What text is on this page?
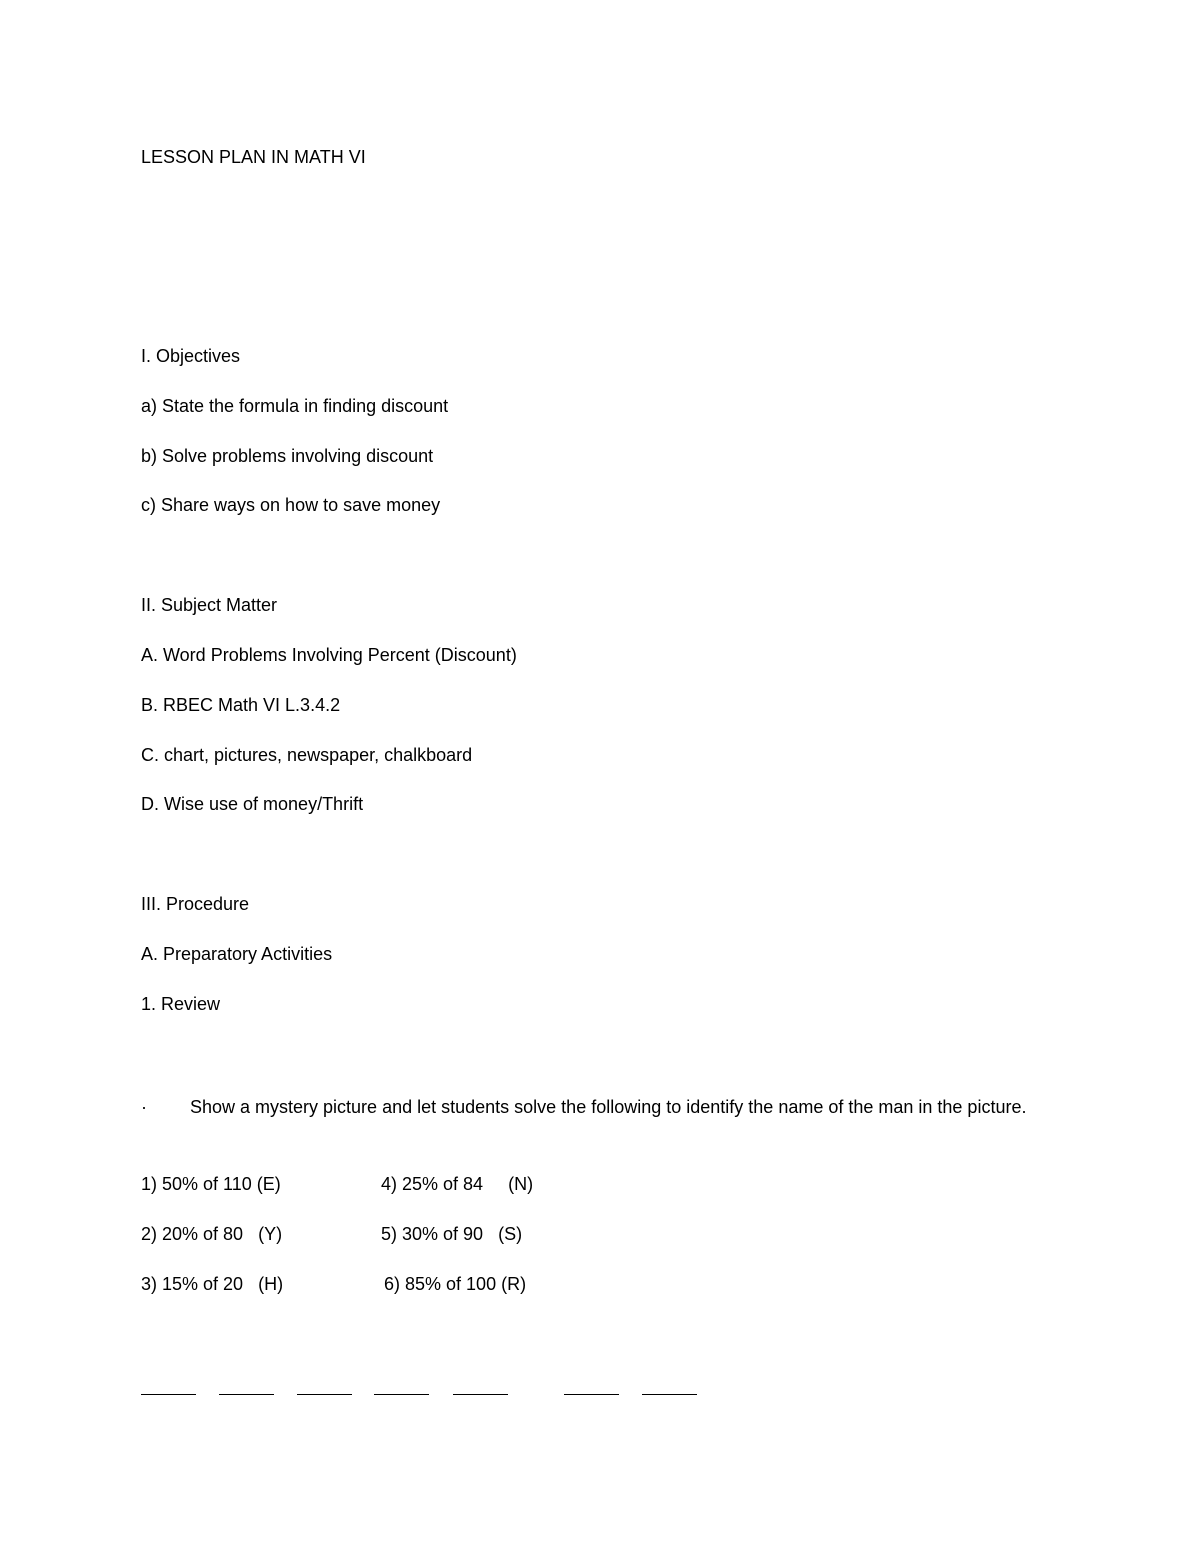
LESSON PLAN IN MATH VI
I. Objectives
a) State the formula in finding discount
b) Solve problems involving discount
c) Share ways on how to save money
II. Subject Matter
A. Word Problems Involving Percent (Discount)
B. RBEC Math VI L.3.4.2
C. chart, pictures, newspaper, chalkboard
D. Wise use of money/Thrift
III. Procedure
A. Preparatory Activities
1. Review
· Show a mystery picture and let students solve the following to identify the name of the man in the picture.
1) 50% of 110 (E)	4) 25% of 84     (N)
2) 20% of 80   (Y)	5) 30% of 90   (S)
3) 15% of 20   (H)	6) 85% of 100 (R)
